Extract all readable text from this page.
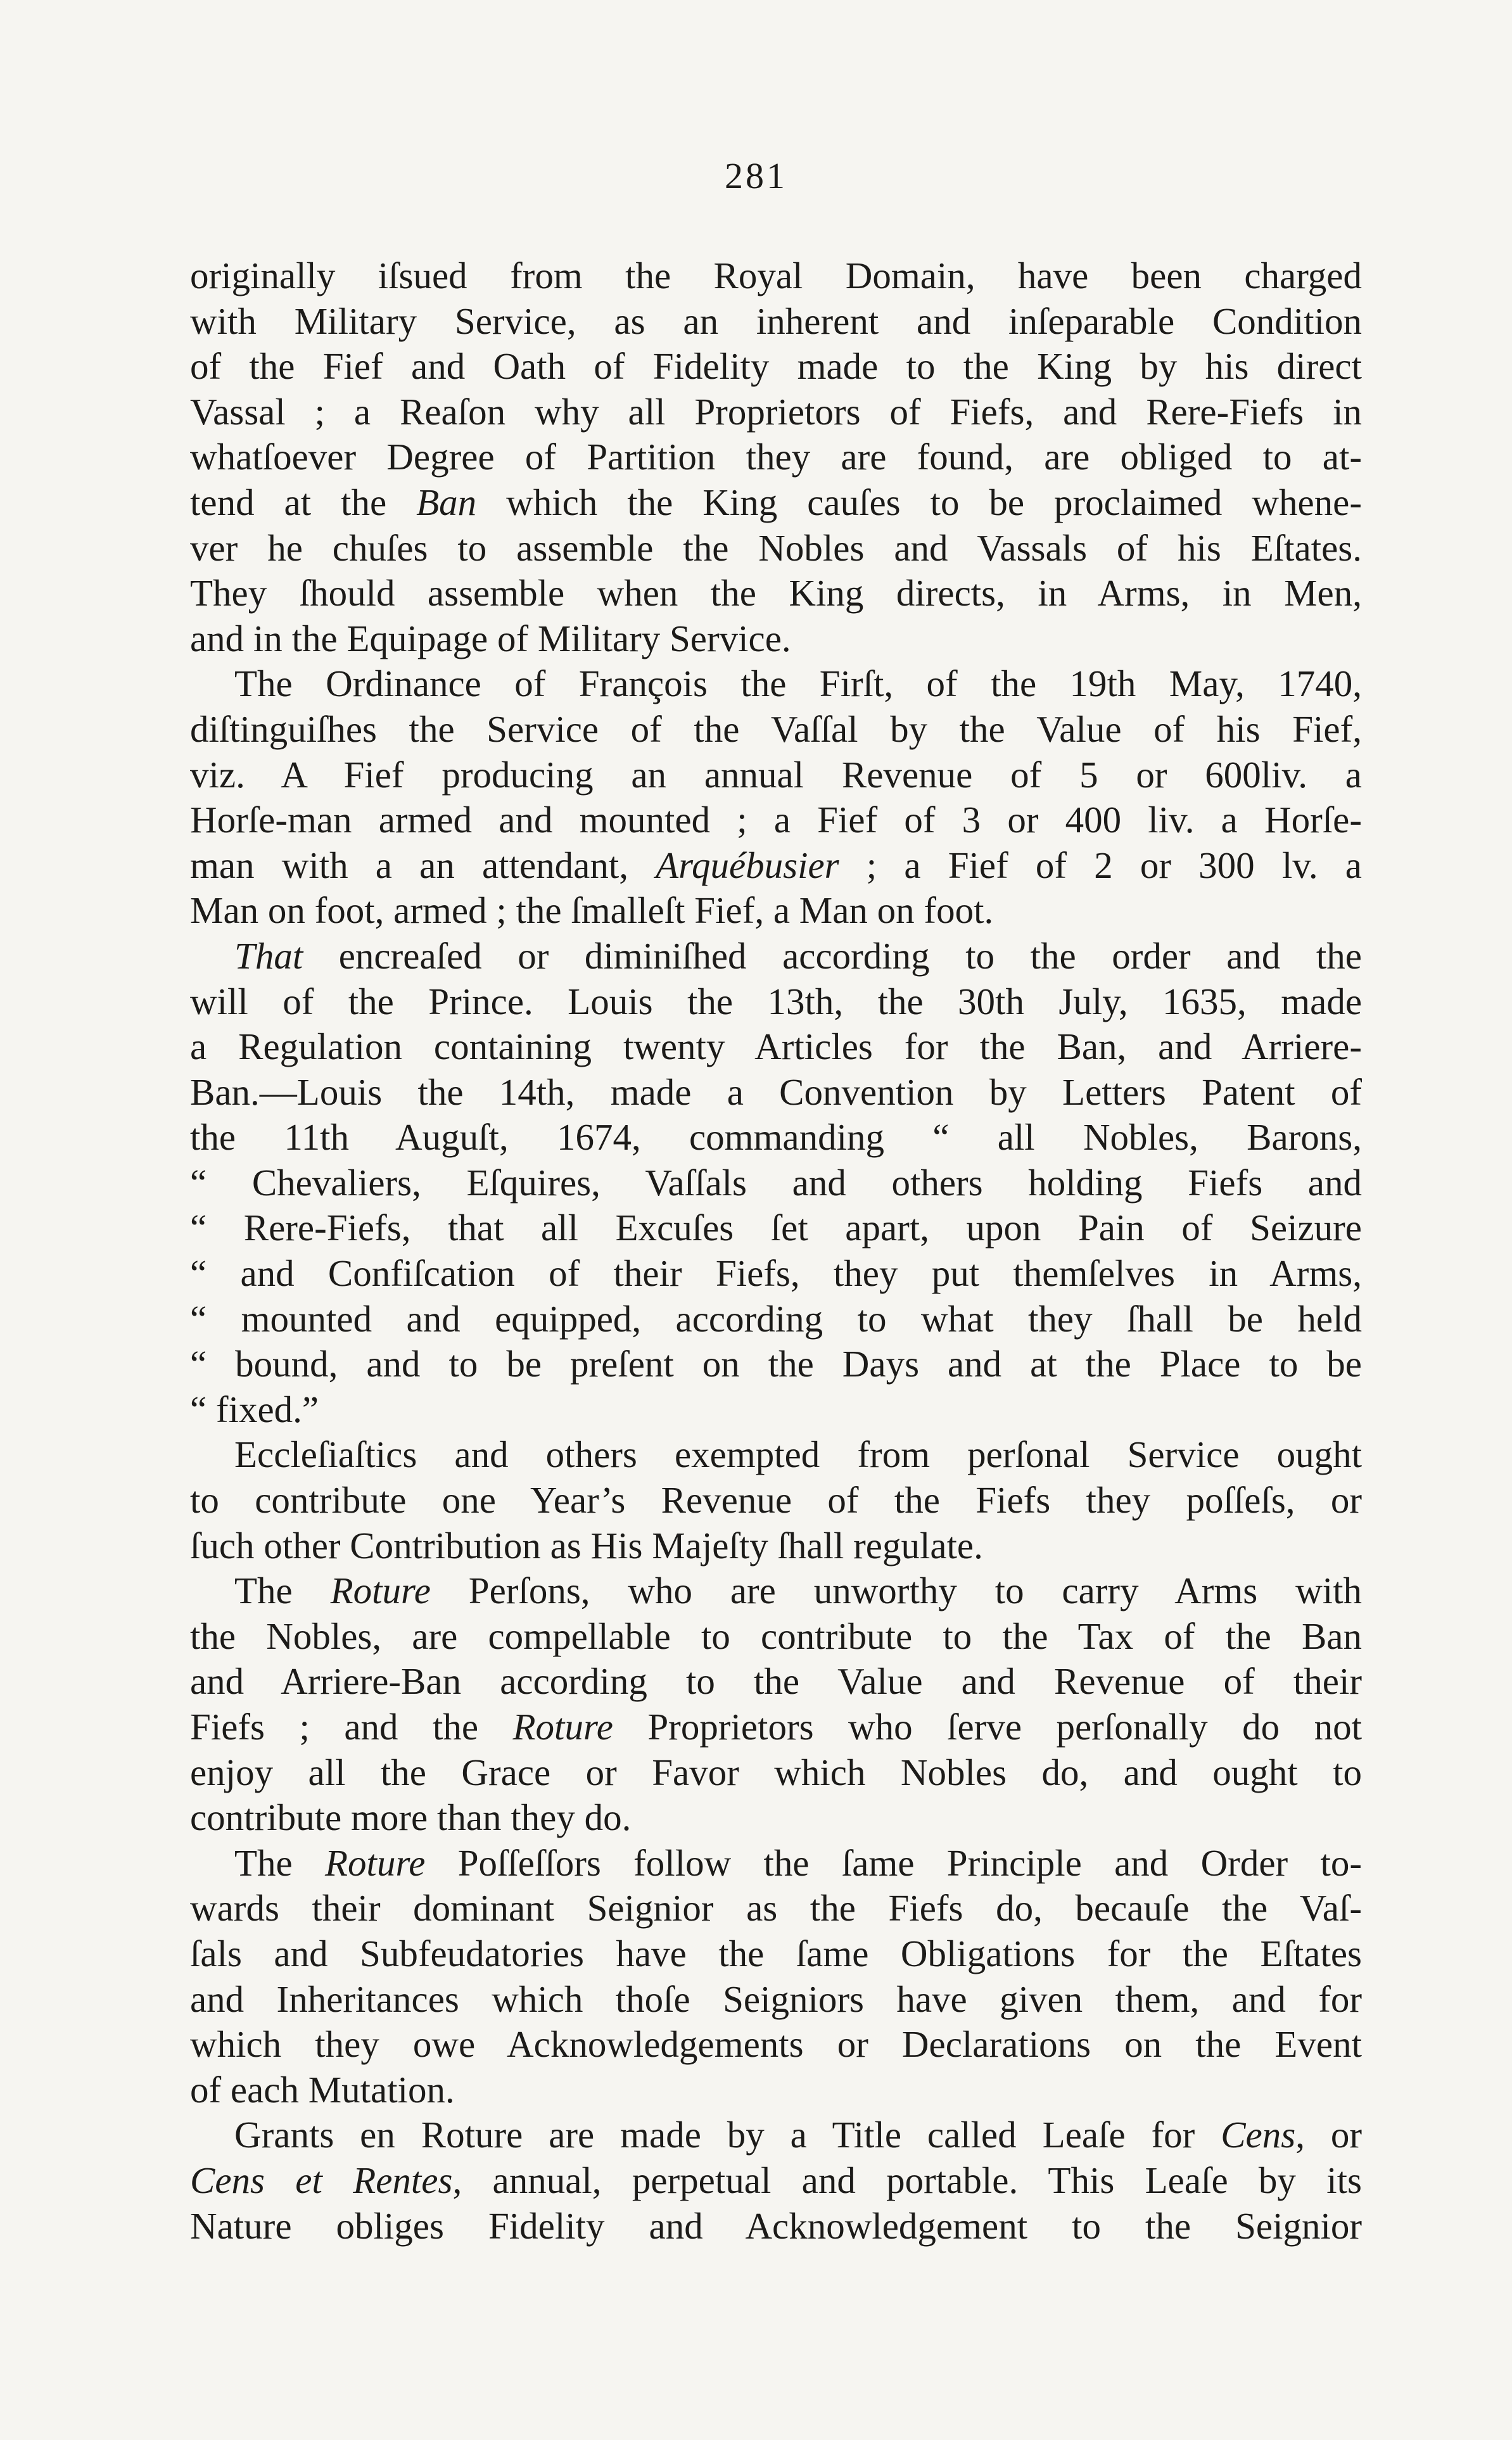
281
originally iſsued from the Royal Domain, have been charged
with Military Service, as an inherent and inſeparable Condition
of the Fief and Oath of Fidelity made to the King by his direct
Vassal ; a Reaſon why all Proprietors of Fiefs, and Rere-Fiefs in
whatſoever Degree of Partition they are found, are obliged to at-
tend at the Ban which the King cauſes to be proclaimed whene-
ver he chuſes to assemble the Nobles and Vassals of his Eſtates.
They ſhould assemble when the King directs, in Arms, in Men,
and in the Equipage of Military Service.
The Ordinance of François the Firſt, of the 19th May, 1740,
diſtinguiſhes the Service of the Vaſſal by the Value of his Fief,
viz. A Fief producing an annual Revenue of 5 or 600liv. a
Horſe-man armed and mounted ; a Fief of 3 or 400 liv. a Horſe-
man with a an attendant, Arquébusier ; a Fief of 2 or 300 lv. a
Man on foot, armed ; the ſmalleſt Fief, a Man on foot.
That encreaſed or diminiſhed according to the order and the
will of the Prince. Louis the 13th, the 30th July, 1635, made
a Regulation containing twenty Articles for the Ban, and Arriere-
Ban.—Louis the 14th, made a Convention by Letters Patent of
the 11th Auguſt, 1674, commanding “ all Nobles, Barons,
“ Chevaliers, Eſquires, Vaſſals and others holding Fiefs and
“ Rere-Fiefs, that all Excuſes ſet apart, upon Pain of Seizure
“ and Confiſcation of their Fiefs, they put themſelves in Arms,
“ mounted and equipped, according to what they ſhall be held
“ bound, and to be preſent on the Days and at the Place to be
“ fixed.”
Eccleſiaſtics and others exempted from perſonal Service ought
to contribute one Year’s Revenue of the Fiefs they poſſeſs, or
ſuch other Contribution as His Majeſty ſhall regulate.
The Roture Perſons, who are unworthy to carry Arms with
the Nobles, are compellable to contribute to the Tax of the Ban
and Arriere-Ban according to the Value and Revenue of their
Fiefs ; and the Roture Proprietors who ſerve perſonally do not
enjoy all the Grace or Favor which Nobles do, and ought to
contribute more than they do.
The Roture Poſſeſſors follow the ſame Principle and Order to-
wards their dominant Seignior as the Fiefs do, becauſe the Vaſ-
ſals and Subfeudatories have the ſame Obligations for the Eſtates
and Inheritances which thoſe Seigniors have given them, and for
which they owe Acknowledgements or Declarations on the Event
of each Mutation.
Grants en Roture are made by a Title called Leaſe for Cens, or
Cens et Rentes, annual, perpetual and portable. This Leaſe by its
Nature obliges Fidelity and Acknowledgement to the Seignior
